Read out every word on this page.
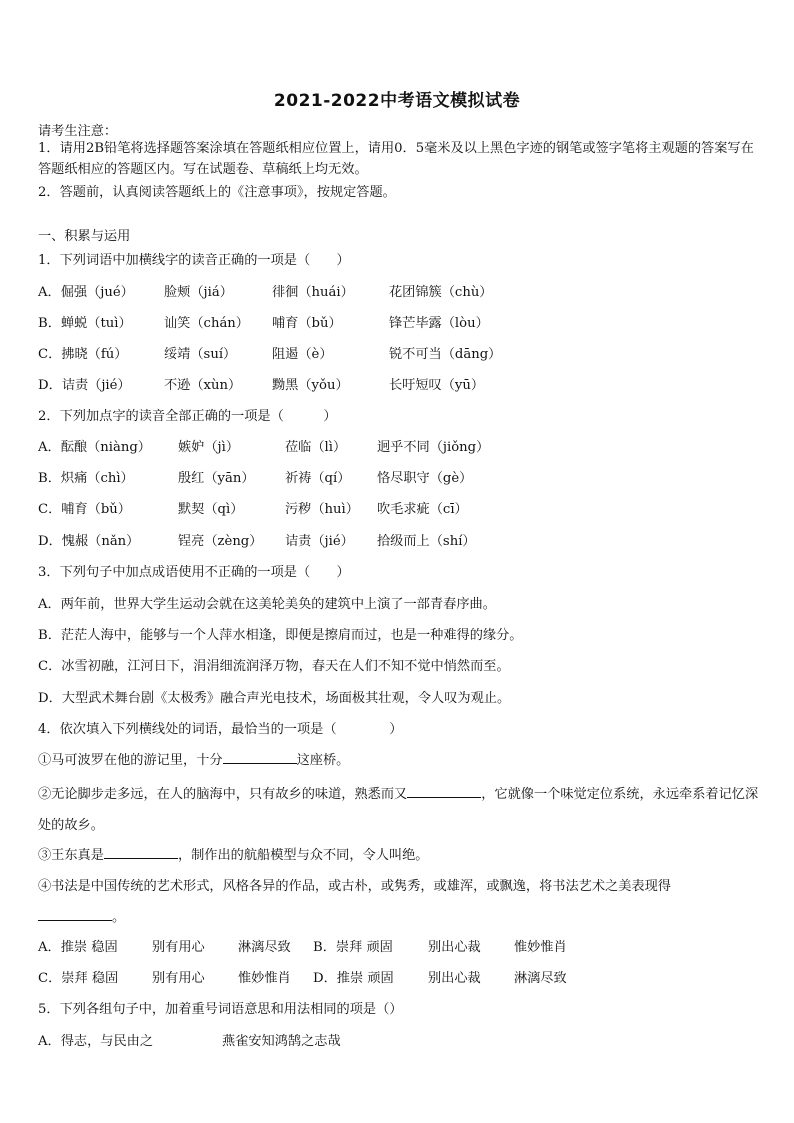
2021-2022中考语文模拟试卷
请考生注意：
1．请用2B铅笔将选择题答案涂填在答题纸相应位置上，请用0．5毫米及以上黑色字迹的钢笔或签字笔将主观题的答案写在答题纸相应的答题区内。写在试题卷、草稿纸上均无效。
2．答题前，认真阅读答题纸上的《注意事项》，按规定答题。
一、积累与运用
1．下列词语中加横线字的读音正确的一项是（　　）
A．倔强（jué） 脸颊（jiá）	徘徊（huái）	花团锦簇（chù）
B．蝉蜕（tuì） 讪笑（chán） 哺育（bǔ）	锋芒毕露（lòu）
C．拂晓（fú）	绥靖（suí）	阻遏（è）	锐不可当（dāng）
D．诘责（jié）	不逊（xùn） 黝黑（yǒu）	长吁短叹（yū）
2．下列加点字的读音全部正确的一项是（　　　）
A．酝酿（niàng） 嫉妒（jì）	莅临（lì） 迥乎不同（jiǒng）
B．炽痛（chì）	殷红（yān） 祈祷（qí） 恪尽职守（gè）
C．哺育（bǔ）	默契（qì）	污秽（huì） 吹毛求疵（cī）
D．愧赧（nǎn）	锃亮（zèng） 诘责（jié） 拾级而上（shí）
3．下列句子中加点成语使用不正确的一项是（　　）
A．两年前，世界大学生运动会就在这美轮美奂的建筑中上演了一部青春序曲。
B．茫茫人海中，能够与一个人萍水相逢，即便是擦肩而过，也是一种难得的缘分。
C．冰雪初融，江河日下，涓涓细流润泽万物，春天在人们不知不觉中悄然而至。
D．大型武术舞台剧《太极秀》融合声光电技术，场面极其壮观，令人叹为观止。
4．依次填入下列横线处的词语，最恰当的一项是（　　　　）
①马可波罗在他的游记里，十分	这座桥。
②无论脚步走多远，在人的脑海中，只有故乡的味道，熟悉而又	，它就像一个味觉定位系统，永远牵系着记忆深处的故乡。
③王东真是	，制作出的航船模型与众不同，令人叫绝。
④书法是中国传统的艺术形式，风格各异的作品，或古朴，或隽秀，或雄浑，或飘逸，将书法艺术之美表现得
。
A．推崇 稳固	别有用心	淋漓尽致 B．崇拜 顽固	别出心裁	惟妙惟肖
C．崇拜 稳固	别有用心	惟妙惟肖 D．推崇 顽固	别出心裁	淋漓尽致
5．下列各组句子中，加着重号词语意思和用法相同的项是（）
A．得志，与民由之	燕雀安知鸿鹄之志哉
